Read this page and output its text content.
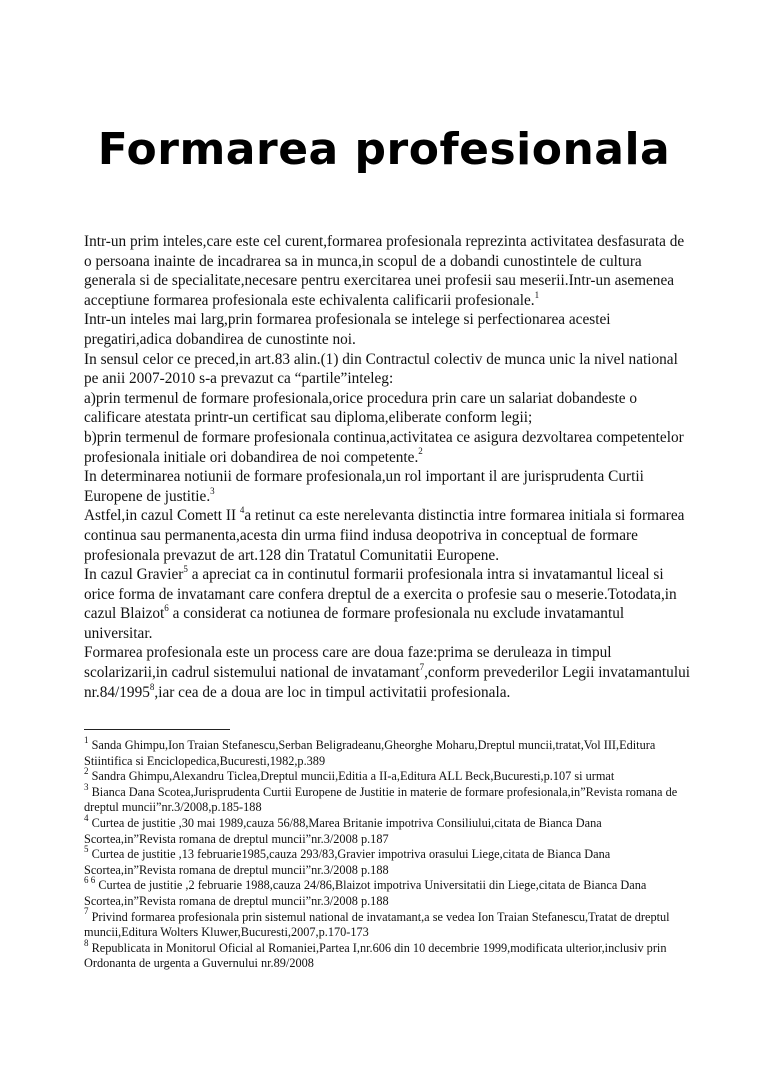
Formarea profesionala

Intr-un prim inteles,care este cel curent,formarea profesionala reprezinta activitatea desfasurata de o persoana inainte de incadrarea sa in munca,in scopul de a dobandi cunostintele de cultura generala si de specialitate,necesare pentru exercitarea unei profesii sau meserii.Intr-un asemenea acceptiune formarea profesionala este echivalenta calificarii profesionale.$^1$

Intr-un inteles mai larg,prin formarea profesionala se intelege si perfectionarea acestei pregatiri,adica dobandirea de cunostinte noi.

In sensul celor ce preced,in art.83 alin.(1) din Contractul colectiv de munca unic la nivel national pe anii 2007-2010 s-a prevazut ca “partile”inteleg:

a)prin termenul de formare profesionala,orice procedura prin care un salariat dobandeste o calificare atestata printr-un certificat sau diploma,eliberate conform legii;

b)prin termenul de formare profesionala continua,activitatea ce asigura dezvoltarea competentelor profesionala initiale ori dobandirea de noi competente.$^2$

In determinarea notiunii de formare profesionala,un rol important il are jurisprudenta Curtii Europene de justitie.$^3$

Astfel,in cazul Comett II $^4$a retinut ca este nerelevanta distinctia intre formarea initiala si formarea continua sau permanenta,acesta din urma fiind indusa deopotriva in conceptual de formare profesionala prevazut de art.128 din Tratatul Comunitatii Europene.

In cazul Gravier$^5$ a apreciat ca in continutul formarii profesionala intra si invatamantul liceal si orice forma de invatamant care confera dreptul de a exercita o profesie sau o meserie.Totodata,in cazul Blaizot$^6$ a considerat ca notiunea de formare profesionala nu exclude invatamantul universitar.

Formarea profesionala este un process care are doua faze:prima se deruleaza in timpul scolarizarii,in cadrul sistemului national de invatamant$^7$,conform prevederilor Legii invatamantului nr.84/1995$^8$,iar cea de a doua are loc in timpul activitatii profesionala.

$^1$ Sanda Ghimpu,Ion Traian Stefanescu,Serban Beligradeanu,Gheorghe Moharu,Dreptul muncii,tratat,Vol III,Editura Stiintifica si Enciclopedica,Bucuresti,1982,p.389

$^2$ Sandra Ghimpu,Alexandru Ticlea,Dreptul muncii,Editia a II-a,Editura ALL Beck,Bucuresti,p.107 si urmat

$^3$ Bianca Dana Scotea,Jurisprudenta Curtii Europene de Justitie in materie de formare profesionala,in”Revista romana de dreptul muncii”nr.3/2008,p.185-188

$^4$ Curtea de justitie ,30 mai 1989,cauza 56/88,Marea Britanie impotriva Consiliului,citata de Bianca Dana Scortea,in”Revista romana de dreptul muncii”nr.3/2008 p.187

$^5$ Curtea de justitie ,13 februarie1985,cauza 293/83,Gravier impotriva orasului Liege,citata de Bianca Dana Scortea,in”Revista romana de dreptul muncii”nr.3/2008 p.188

$^{6 6}$ Curtea de justitie ,2 februarie 1988,cauza 24/86,Blaizot impotriva Universitatii din Liege,citata de Bianca Dana Scortea,in”Revista romana de dreptul muncii”nr.3/2008 p.188

$^7$ Privind formarea profesionala prin sistemul national de invatamant,a se vedea Ion Traian Stefanescu,Tratat de dreptul muncii,Editura Wolters Kluwer,Bucuresti,2007,p.170-173

$^8$ Republicata in Monitorul Oficial al Romaniei,Partea I,nr.606 din 10 decembrie 1999,modificata ulterior,inclusiv prin Ordonanta de urgenta a Guvernului nr.89/2008
